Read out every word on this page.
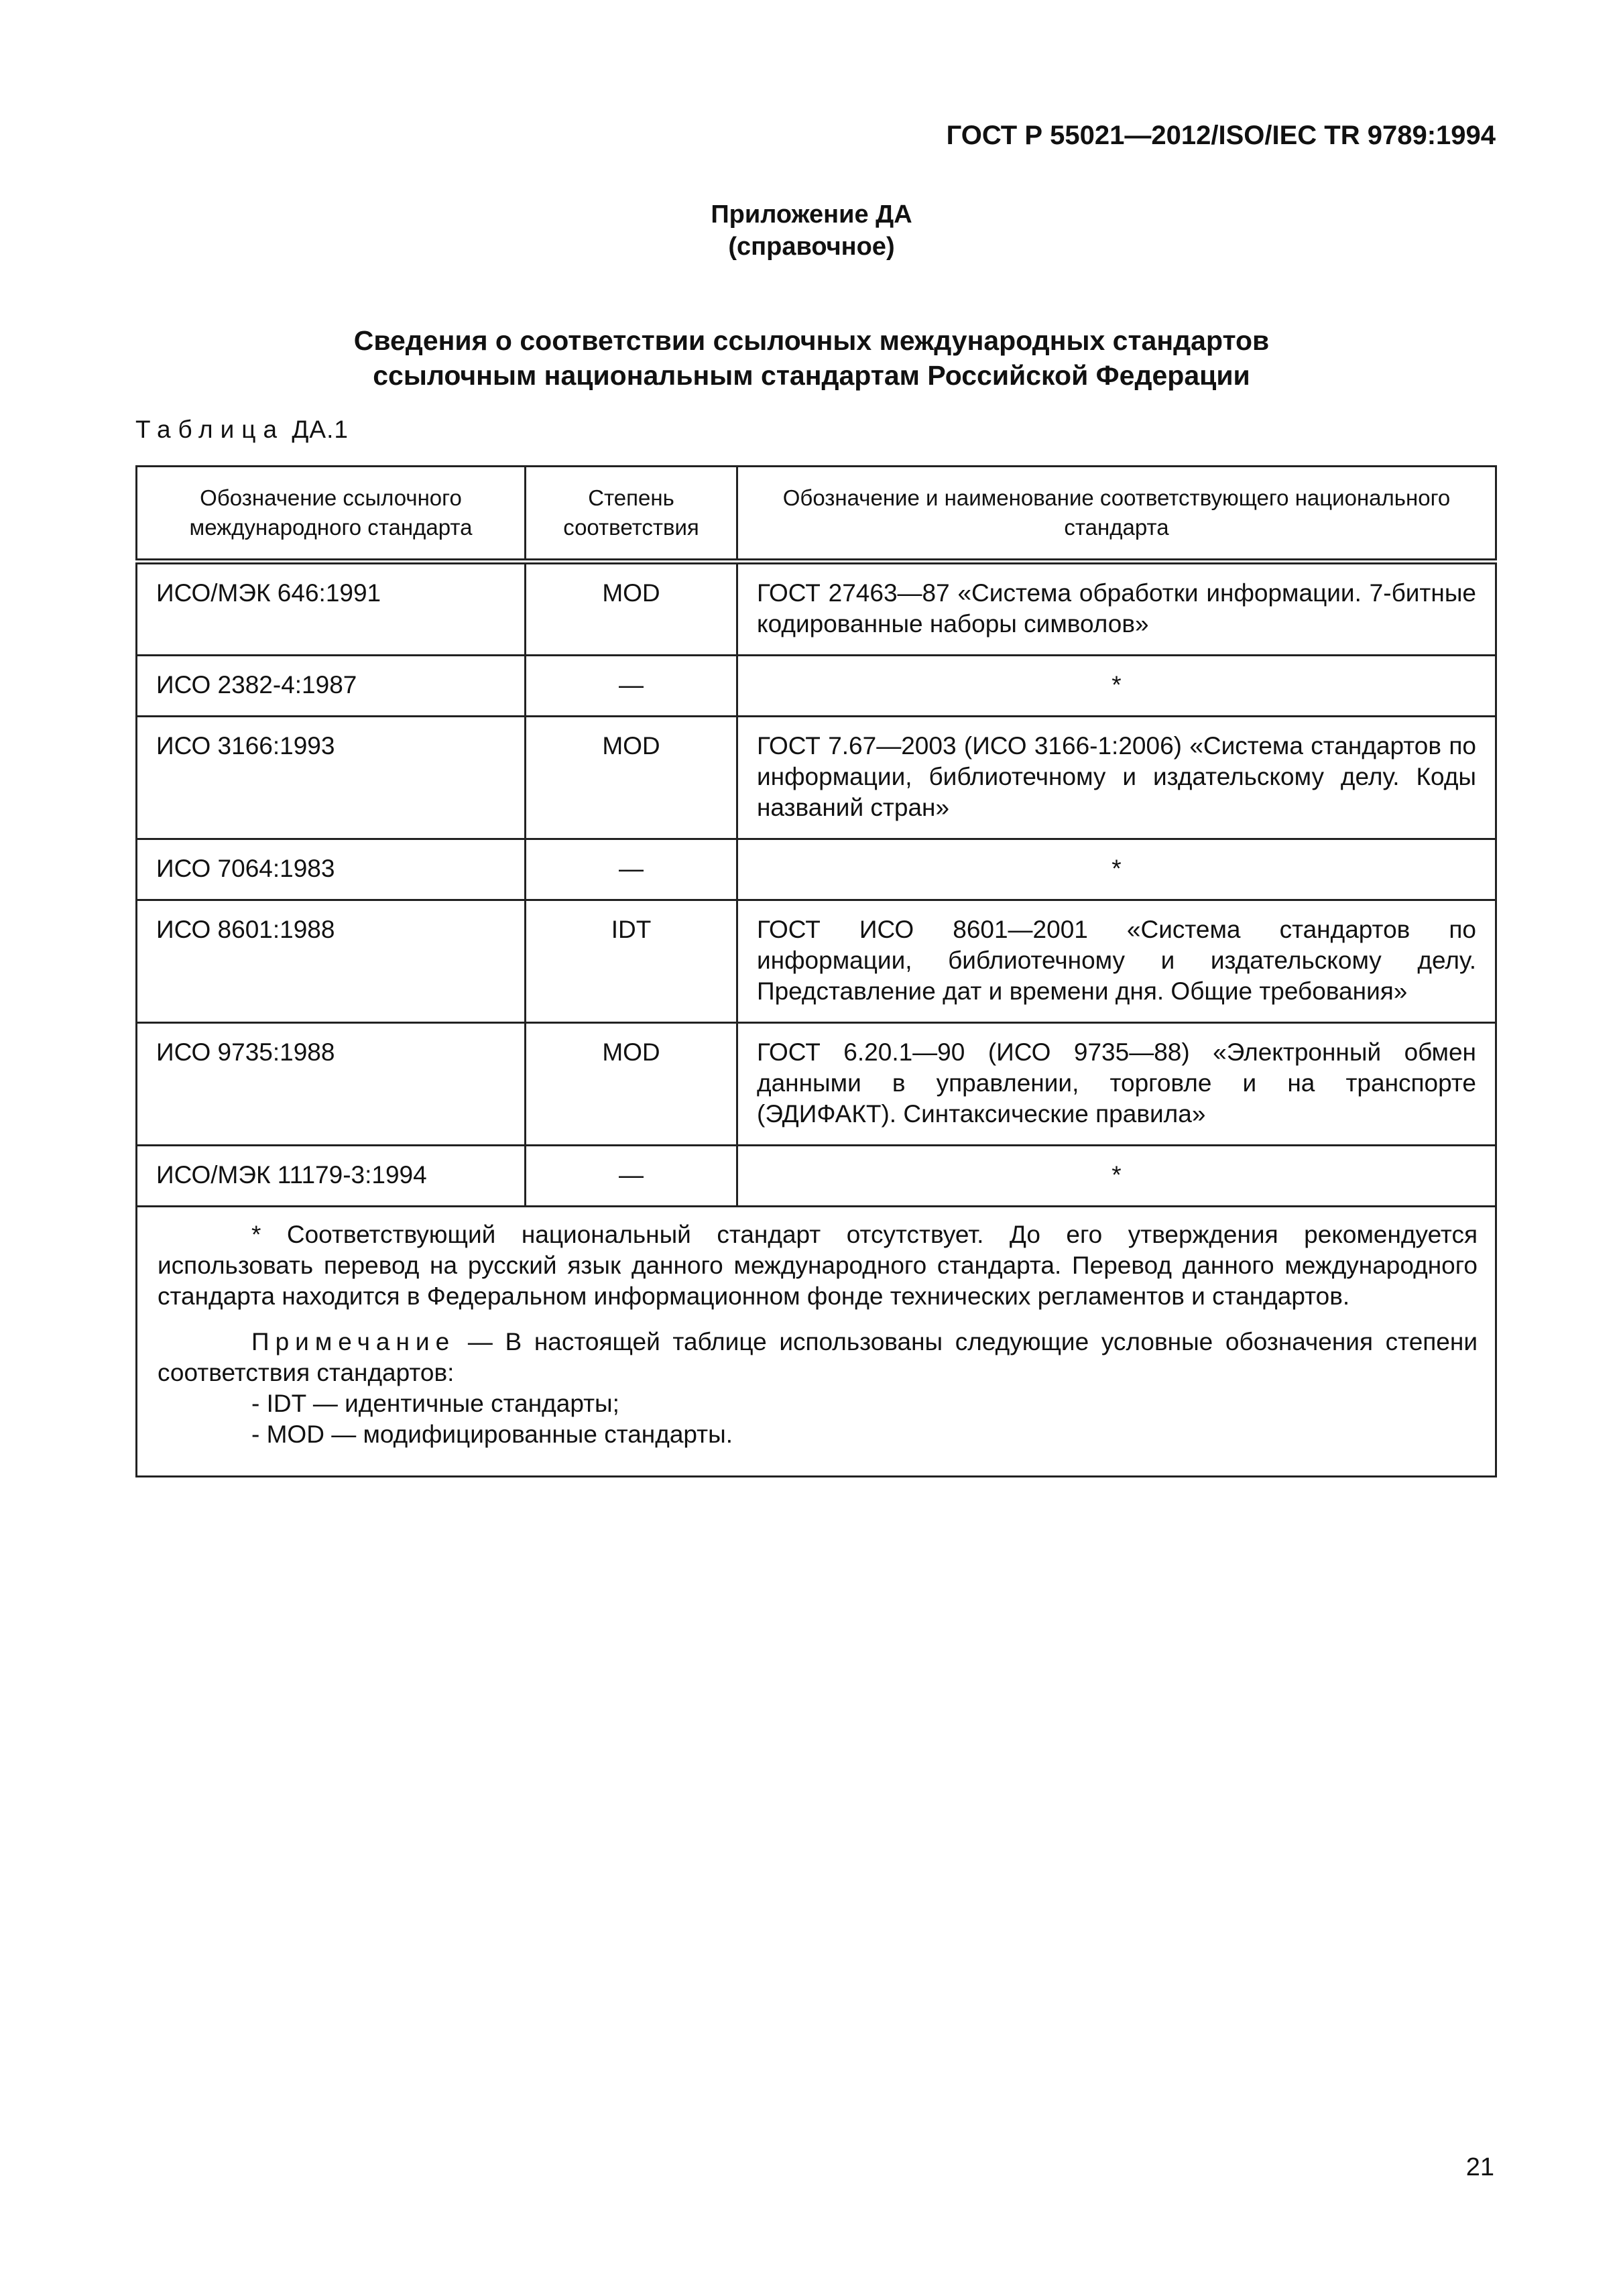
ГОСТ Р 55021—2012/ISO/IEC TR 9789:1994
Приложение ДА
(справочное)
Сведения о соответствии ссылочных международных стандартов
ссылочным национальным стандартам Российской Федерации
Таблица ДА.1
Обозначение ссылочного международного стандарта	Степень соответствия	Обозначение и наименование соответствующего национального стандарта
ИСО/МЭК 646:1991	MOD	ГОСТ 27463—87 «Система обработки информации. 7-битные кодированные наборы символов»
ИСО 2382-4:1987	—	*
ИСО 3166:1993	MOD	ГОСТ 7.67—2003 (ИСО 3166-1:2006) «Система стандартов по информации, библиотечному и издательскому делу. Коды названий стран»
ИСО 7064:1983	—	*
ИСО 8601:1988	IDT	ГОСТ ИСО 8601—2001 «Система стандартов по информации, библиотечному и издательскому делу. Представление дат и времени дня. Общие требования»
ИСО 9735:1988	MOD	ГОСТ 6.20.1—90 (ИСО 9735—88) «Электронный обмен данными в управлении, торговле и на транспорте (ЭДИФАКТ). Синтаксические правила»
ИСО/МЭК 11179-3:1994	—	*

* Соответствующий национальный стандарт отсутствует. До его утверждения рекомендуется использовать перевод на русский язык данного международного стандарта. Перевод данного международного стандарта находится в Федеральном информационном фонде технических регламентов и стандартов.

Примечание — В настоящей таблице использованы следующие условные обозначения степени соответствия стандартов:

- IDT — идентичные стандарты;

- MOD — модифицированные стандарты.		

21
